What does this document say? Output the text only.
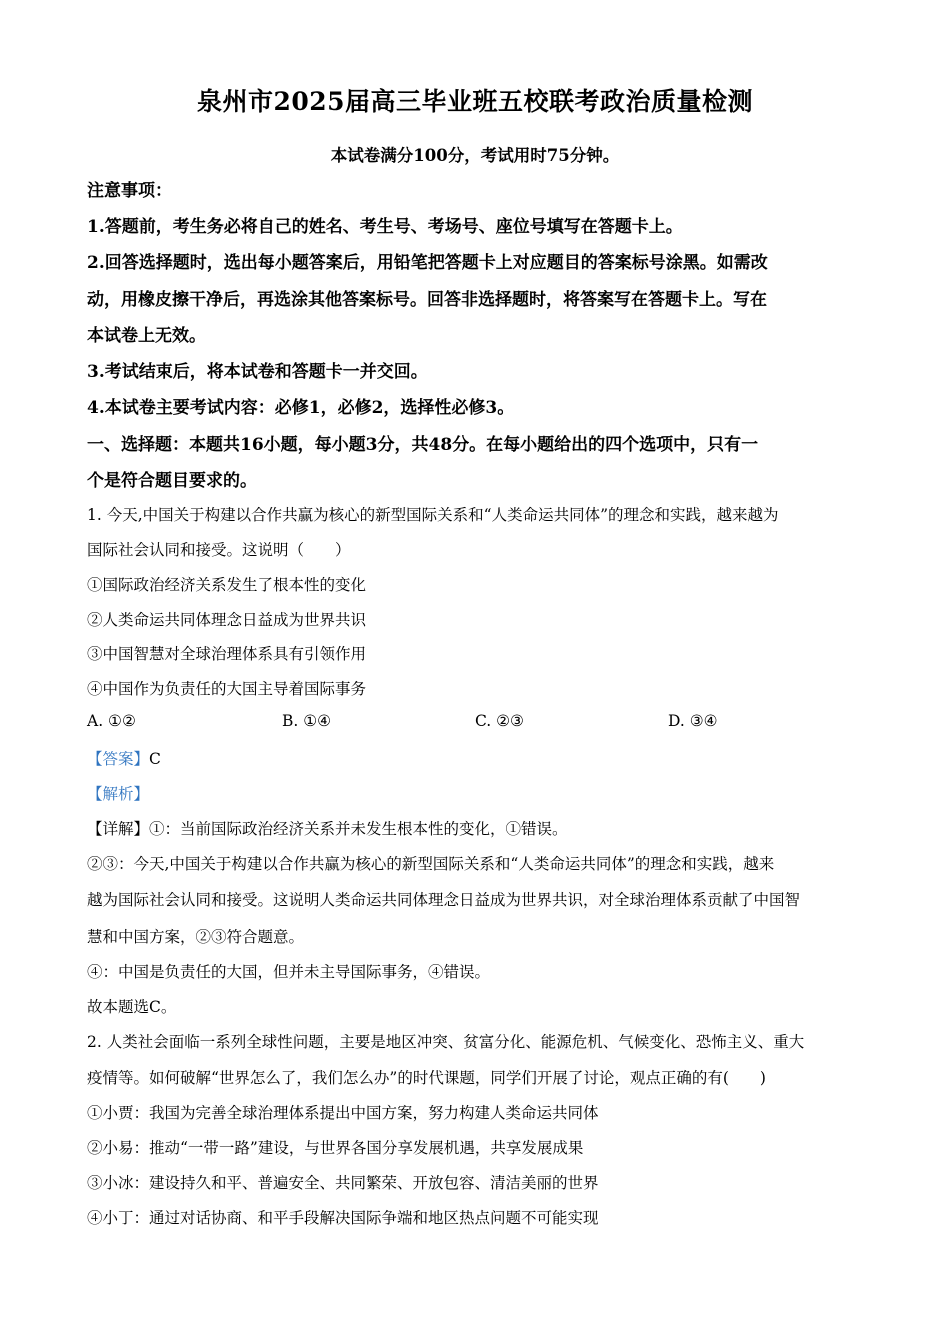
泉州市2025届高三毕业班五校联考政治质量检测
本试卷满分100分，考试用时75分钟。
注意事项：
1.答题前，考生务必将自己的姓名、考生号、考场号、座位号填写在答题卡上。
2.回答选择题时，选出每小题答案后，用铅笔把答题卡上对应题目的答案标号涂黑。如需改
动，用橡皮擦干净后，再选涂其他答案标号。回答非选择题时，将答案写在答题卡上。写在
本试卷上无效。
3.考试结束后，将本试卷和答题卡一并交回。
4.本试卷主要考试内容：必修1，必修2，选择性必修3。
一、选择题：本题共16小题，每小题3分，共48分。在每小题给出的四个选项中，只有一
个是符合题目要求的。
1. 今天,中国关于构建以合作共赢为核心的新型国际关系和“人类命运共同体”的理念和实践，越来越为
国际社会认同和接受。这说明（　　）
①国际政治经济关系发生了根本性的变化
②人类命运共同体理念日益成为世界共识
③中国智慧对全球治理体系具有引领作用
④中国作为负责任的大国主导着国际事务
A. ①②	B. ①④	C. ②③	D. ③④
【答案】C
【解析】
【详解】①：当前国际政治经济关系并未发生根本性的变化，①错误。
②③：今天,中国关于构建以合作共赢为核心的新型国际关系和“人类命运共同体”的理念和实践，越来
越为国际社会认同和接受。这说明人类命运共同体理念日益成为世界共识，对全球治理体系贡献了中国智
慧和中国方案，②③符合题意。
④：中国是负责任的大国，但并未主导国际事务，④错误。
故本题选C。
2. 人类社会面临一系列全球性问题，主要是地区冲突、贫富分化、能源危机、气候变化、恐怖主义、重大
疫情等。如何破解“世界怎么了，我们怎么办”的时代课题，同学们开展了讨论，观点正确的有(　　)
①小贾：我国为完善全球治理体系提出中国方案，努力构建人类命运共同体
②小易：推动“一带一路”建设，与世界各国分享发展机遇，共享发展成果
③小冰：建设持久和平、普遍安全、共同繁荣、开放包容、清洁美丽的世界
④小丁：通过对话协商、和平手段解决国际争端和地区热点问题不可能实现
